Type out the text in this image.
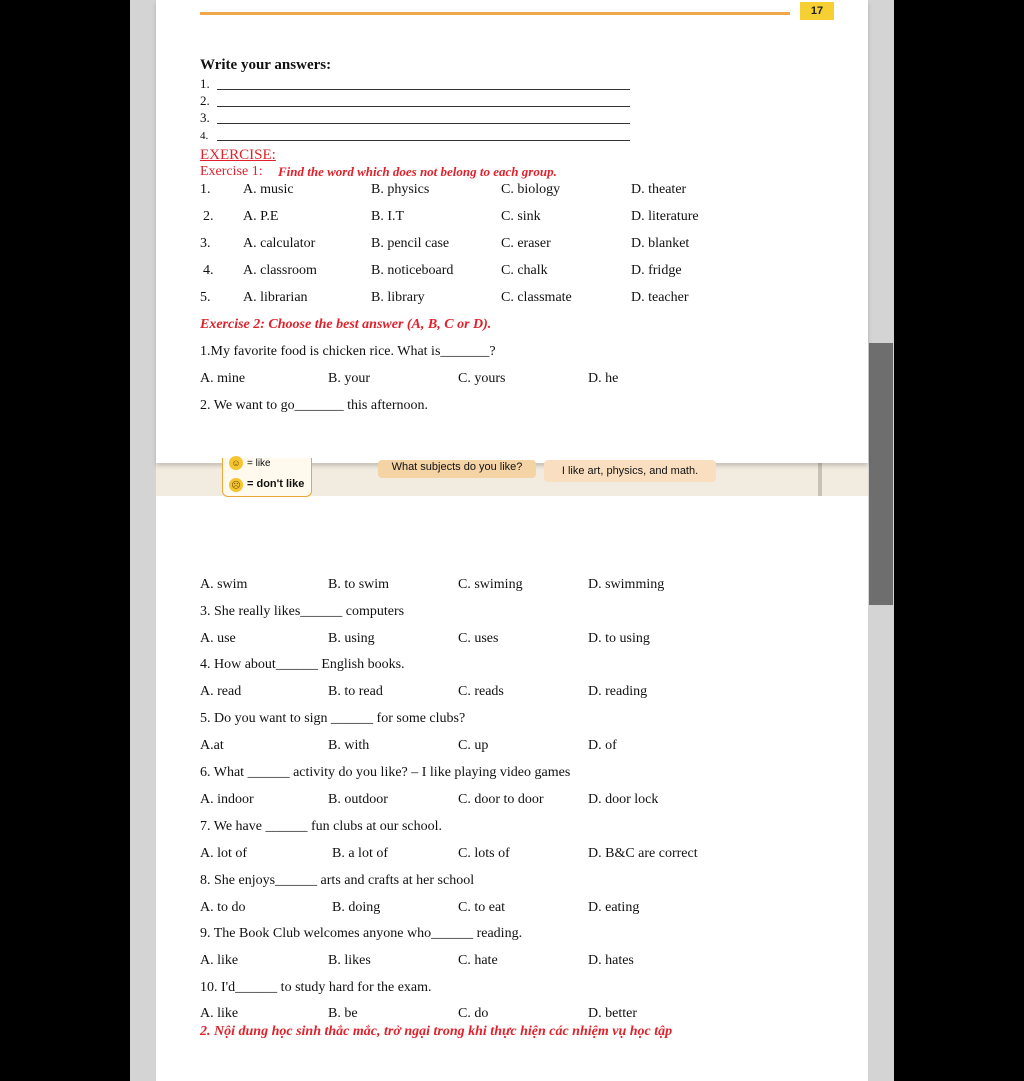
17
Write your answers:
1.
2.
3.
4.
EXERCISE:
Exercise 1: Find the word which does not belong to each group.
1. A. music	B. physics	C. biology	D. theater
2. A. P.E	B. I.T	C. sink	D. literature
3. A. calculator	B. pencil case	C. eraser	D. blanket
4. A. classroom	B. noticeboard	C. chalk	D. fridge
5. A. librarian	B. library	C. classmate	D. teacher
Exercise 2: Choose the best answer (A, B, C or D).
1.My favorite food is chicken rice. What is_______?
A. mine	B. your	C. yours	D. he
2. We want to go_______ this afternoon.
☺ = like
☹ = don't like
What subjects do you like?	I like art, physics, and math.
A. swim	B. to swim	C. swiming	D. swimming
3. She really likes______ computers
A. use	B. using	C. uses	D. to using
4. How about______ English books.
A. read	B. to read	C. reads	D. reading
5. Do you want to sign ______ for some clubs?
A.at	B. with	C. up	D. of
6. What ______ activity do you like? – I like playing video games
A. indoor	B. outdoor	C. door to door	D. door lock
7. We have ______ fun clubs at our school.
A. lot of	B. a lot of	C. lots of	D. B&C are correct
8. She enjoys______ arts and crafts at her school
A. to do	B. doing	C. to eat	D. eating
9. The Book Club welcomes anyone who______ reading.
A. like	B. likes	C. hate	D. hates
10. I'd______ to study hard for the exam.
A. like	B. be	C. do	D. better
2. Nội dung học sinh thắc mắc, trở ngại trong khi thực hiện các nhiệm vụ học tập
